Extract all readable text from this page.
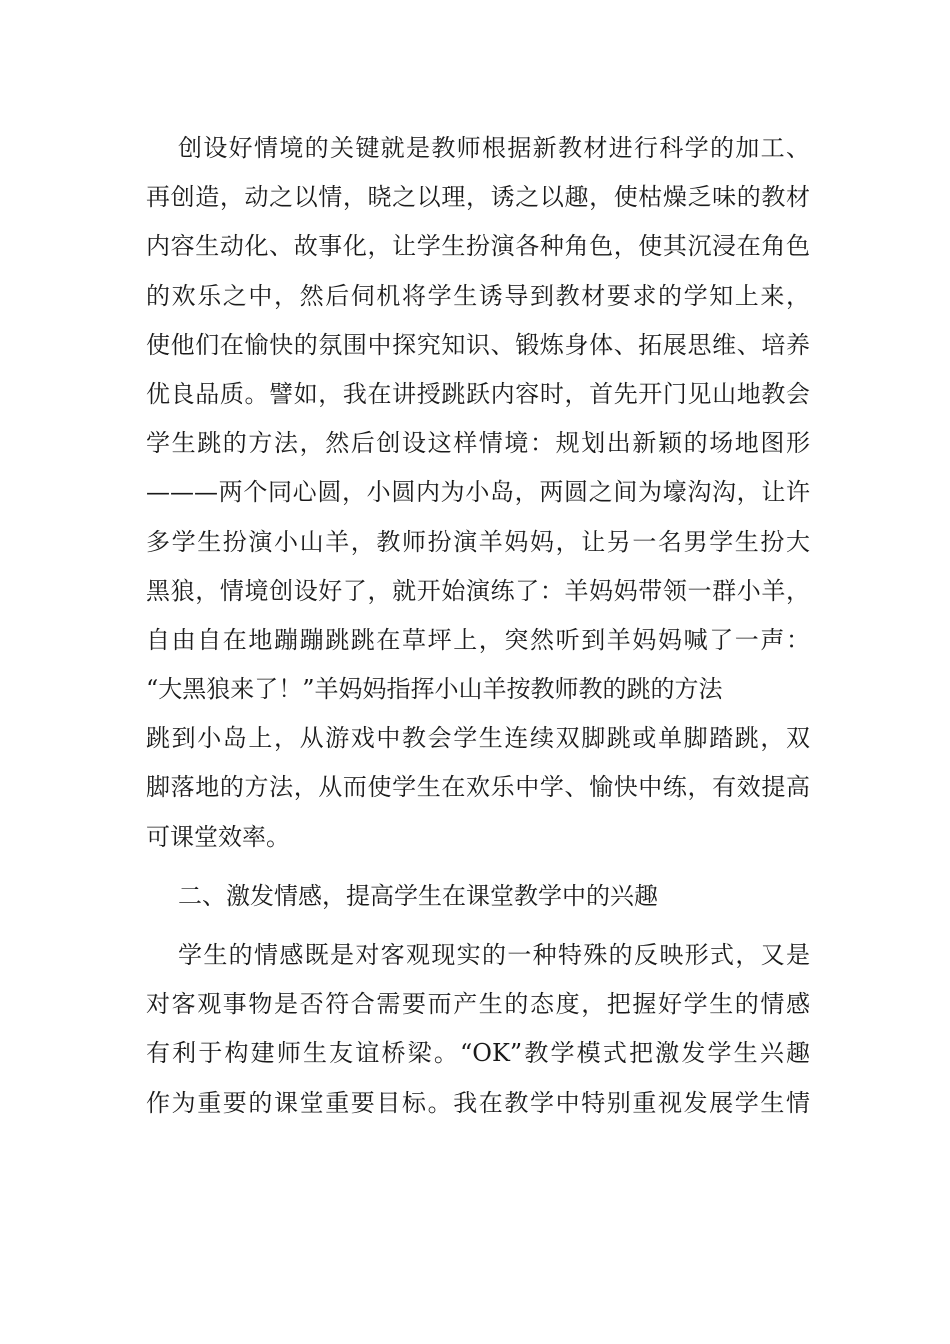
创设好情境的关键就是教师根据新教材进行科学的加工、
再创造，动之以情，晓之以理，诱之以趣，使枯燥乏味的教材
内容生动化、故事化，让学生扮演各种角色，使其沉浸在角色
的欢乐之中，然后伺机将学生诱导到教材要求的学知上来，
使他们在愉快的氛围中探究知识、锻炼身体、拓展思维、培养
优良品质。譬如，我在讲授跳跃内容时，首先开门见山地教会
学生跳的方法，然后创设这样情境：规划出新颖的场地图形
———两个同心圆，小圆内为小岛，两圆之间为壕沟沟，让许
多学生扮演小山羊，教师扮演羊妈妈，让另一名男学生扮大
黑狼，情境创设好了，就开始演练了：羊妈妈带领一群小羊，
自由自在地蹦蹦跳跳在草坪上，突然听到羊妈妈喊了一声：
“大黑狼来了！”羊妈妈指挥小山羊按教师教的跳的方法
跳到小岛上，从游戏中教会学生连续双脚跳或单脚踏跳，双
脚落地的方法，从而使学生在欢乐中学、愉快中练，有效提高
可课堂效率。
二、激发情感，提高学生在课堂教学中的兴趣
学生的情感既是对客观现实的一种特殊的反映形式，又是
对客观事物是否符合需要而产生的态度，把握好学生的情感
有利于构建师生友谊桥梁。“OK”教学模式把激发学生兴趣
作为重要的课堂重要目标。我在教学中特别重视发展学生情
